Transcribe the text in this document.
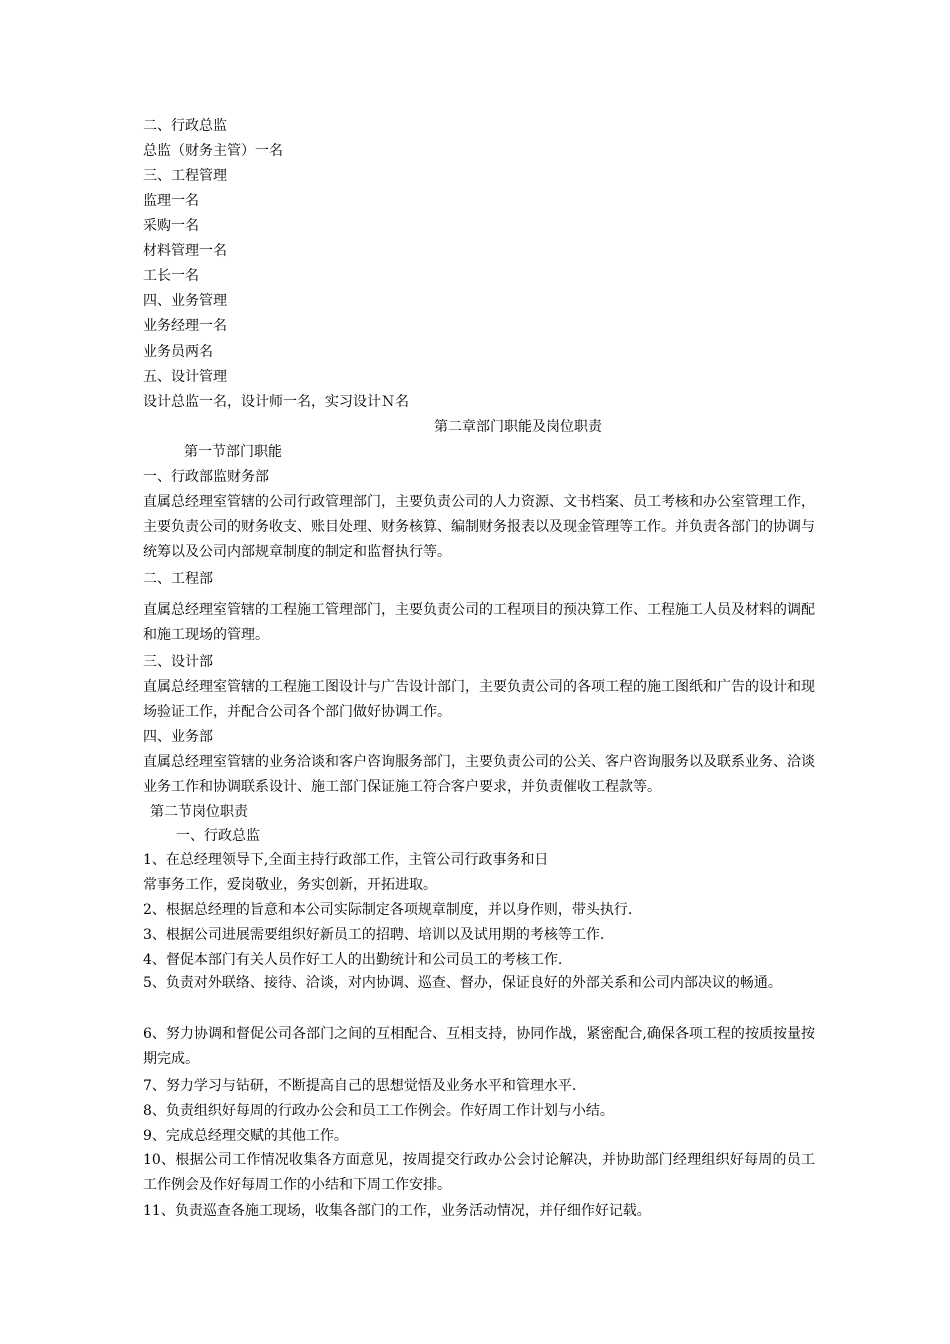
二、行政总监

总监（财务主管）一名

三、工程管理

监理一名

采购一名

材料管理一名

工长一名

四、业务管理

业务经理一名

业务员两名

五、设计管理

设计总监一名，设计师一名，实习设计Ｎ名

第二章部门职能及岗位职责

第一节部门职能

一、行政部监财务部

直属总经理室管辖的公司行政管理部门，主要负责公司的人力资源、文书档案、员工考核和办公室管理工作，主要负责公司的财务收支、账目处理、财务核算、编制财务报表以及现金管理等工作。并负责各部门的协调与统筹以及公司内部规章制度的制定和监督执行等。

二、工程部

直属总经理室管辖的工程施工管理部门，主要负责公司的工程项目的预决算工作、工程施工人员及材料的调配和施工现场的管理。

三、设计部

直属总经理室管辖的工程施工图设计与广告设计部门，主要负责公司的各项工程的施工图纸和广告的设计和现场验证工作，并配合公司各个部门做好协调工作。

四、业务部

直属总经理室管辖的业务洽谈和客户咨询服务部门，主要负责公司的公关、客户咨询服务以及联系业务、洽谈业务工作和协调联系设计、施工部门保证施工符合客户要求，并负责催收工程款等。

第二节岗位职责

一、行政总监

1、在总经理领导下,全面主持行政部工作，主管公司行政事务和日

常事务工作，爱岗敬业，务实创新，开拓进取。

2、根据总经理的旨意和本公司实际制定各项规章制度，并以身作则，带头执行.

3、根据公司进展需要组织好新员工的招聘、培训以及试用期的考核等工作.

4、督促本部门有关人员作好工人的出勤统计和公司员工的考核工作.

5、负责对外联络、接待、洽谈，对内协调、巡查、督办，保证良好的外部关系和公司内部决议的畅通。

6、努力协调和督促公司各部门之间的互相配合、互相支持，协同作战，紧密配合,确保各项工程的按质按量按期完成。

7、努力学习与钻研，不断提高自己的思想觉悟及业务水平和管理水平.

8、负责组织好每周的行政办公会和员工工作例会。作好周工作计划与小结。

9、完成总经理交赋的其他工作。

10、根据公司工作情况收集各方面意见，按周提交行政办公会讨论解决，并协助部门经理组织好每周的员工工作例会及作好每周工作的小结和下周工作安排。

11、负责巡查各施工现场，收集各部门的工作，业务活动情况，并仔细作好记载。
